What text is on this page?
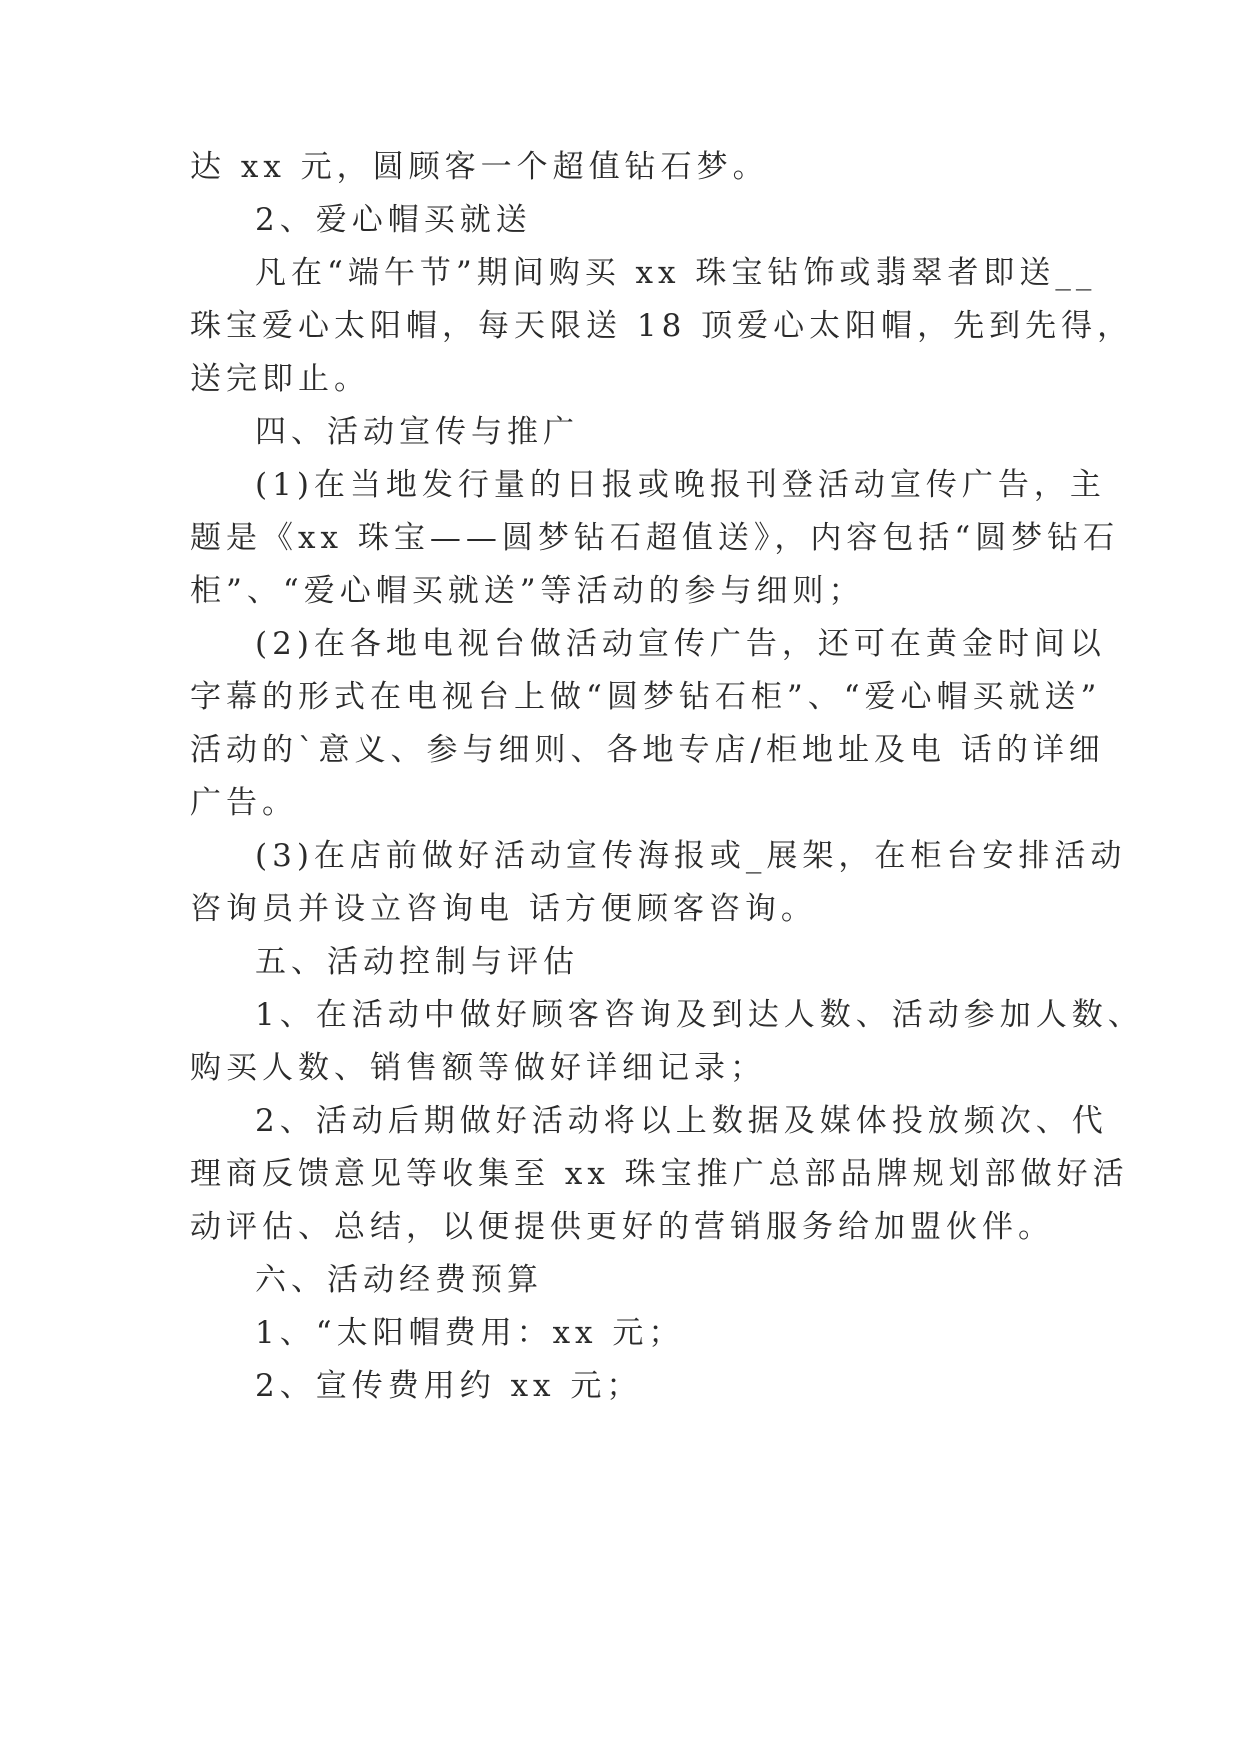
达 xx 元，圆顾客一个超值钻石梦。
2、爱心帽买就送
凡在“端午节”期间购买 xx 珠宝钻饰或翡翠者即送__
珠宝爱心太阳帽，每天限送 18 顶爱心太阳帽，先到先得，
送完即止。
四、活动宣传与推广
(1)在当地发行量的日报或晚报刊登活动宣传广告，主
题是《xx 珠宝——圆梦钻石超值送》，内容包括“圆梦钻石
柜”、“爱心帽买就送”等活动的参与细则；
(2)在各地电视台做活动宣传广告，还可在黄金时间以
字幕的形式在电视台上做“圆梦钻石柜”、“爱心帽买就送”
活动的`意义、参与细则、各地专店/柜地址及电 话的详细
广告。
(3)在店前做好活动宣传海报或_展架，在柜台安排活动
咨询员并设立咨询电 话方便顾客咨询。
五、活动控制与评估
1、在活动中做好顾客咨询及到达人数、活动参加人数、
购买人数、销售额等做好详细记录；
2、活动后期做好活动将以上数据及媒体投放频次、代
理商反馈意见等收集至 xx 珠宝推广总部品牌规划部做好活
动评估、总结，以便提供更好的营销服务给加盟伙伴。
六、活动经费预算
1、“太阳帽费用：xx 元；
2、宣传费用约 xx 元；
